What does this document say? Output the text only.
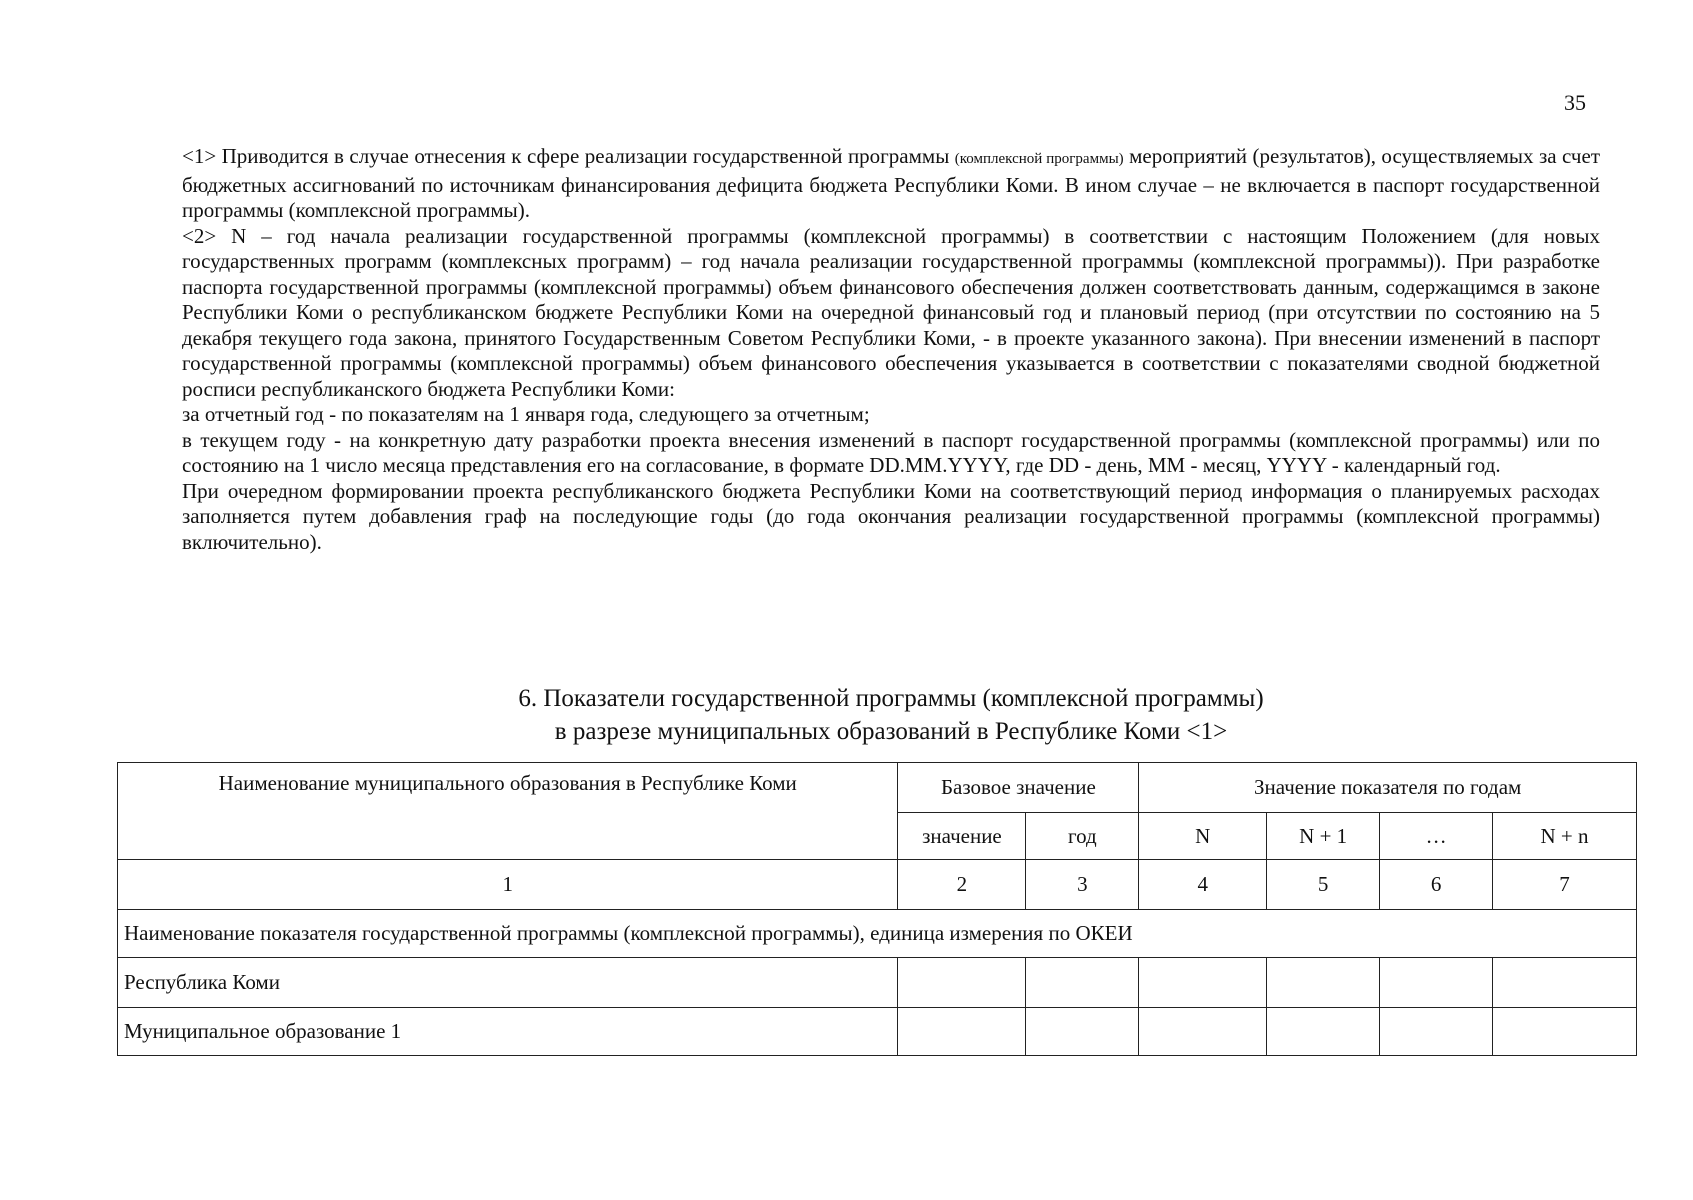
35

<1> Приводится в случае отнесения к сфере реализации государственной программы (комплексной программы) мероприятий (результатов), осуществляемых за счет бюджетных ассигнований по источникам финансирования дефицита бюджета Республики Коми. В ином случае – не включается в паспорт государственной программы (комплексной программы).

<2> N – год начала реализации государственной программы (комплексной программы) в соответствии с настоящим Положением (для новых государственных программ (комплексных программ) – год начала реализации государственной программы (комплексной программы)). При разработке паспорта государственной программы (комплексной программы) объем финансового обеспечения должен соответствовать данным, содержащимся в законе Республики Коми о республиканском бюджете Республики Коми на очередной финансовый год и плановый период (при отсутствии по состоянию на 5 декабря текущего года закона, принятого Государственным Советом Республики Коми, - в проекте указанного закона). При внесении изменений в паспорт государственной программы (комплексной программы) объем финансового обеспечения указывается в соответствии с показателями сводной бюджетной росписи республиканского бюджета Республики Коми:

за отчетный год - по показателям на 1 января года, следующего за отчетным;

в текущем году - на конкретную дату разработки проекта внесения изменений в паспорт государственной программы (комплексной программы) или по состоянию на 1 число месяца представления его на согласование, в формате DD.MM.YYYY, где DD - день, MM - месяц, YYYY - календарный год.

При очередном формировании проекта республиканского бюджета Республики Коми на соответствующий период информация о планируемых расходах заполняется путем добавления граф на последующие годы (до года окончания реализации государственной программы (комплексной программы) включительно).

6. Показатели государственной программы (комплексной программы)
в разрезе муниципальных образований в Республике Коми <1>
Наименование муниципального образования в Республике Коми	Базовое значение		Значение показателя по годам			
	значение	год	N	N + 1	…	N + n
1	2	3	4	5	6	7
Наименование показателя государственной программы (комплексной программы), единица измерения по ОКЕИ						
Республика Коми						
Муниципальное образование 1						
